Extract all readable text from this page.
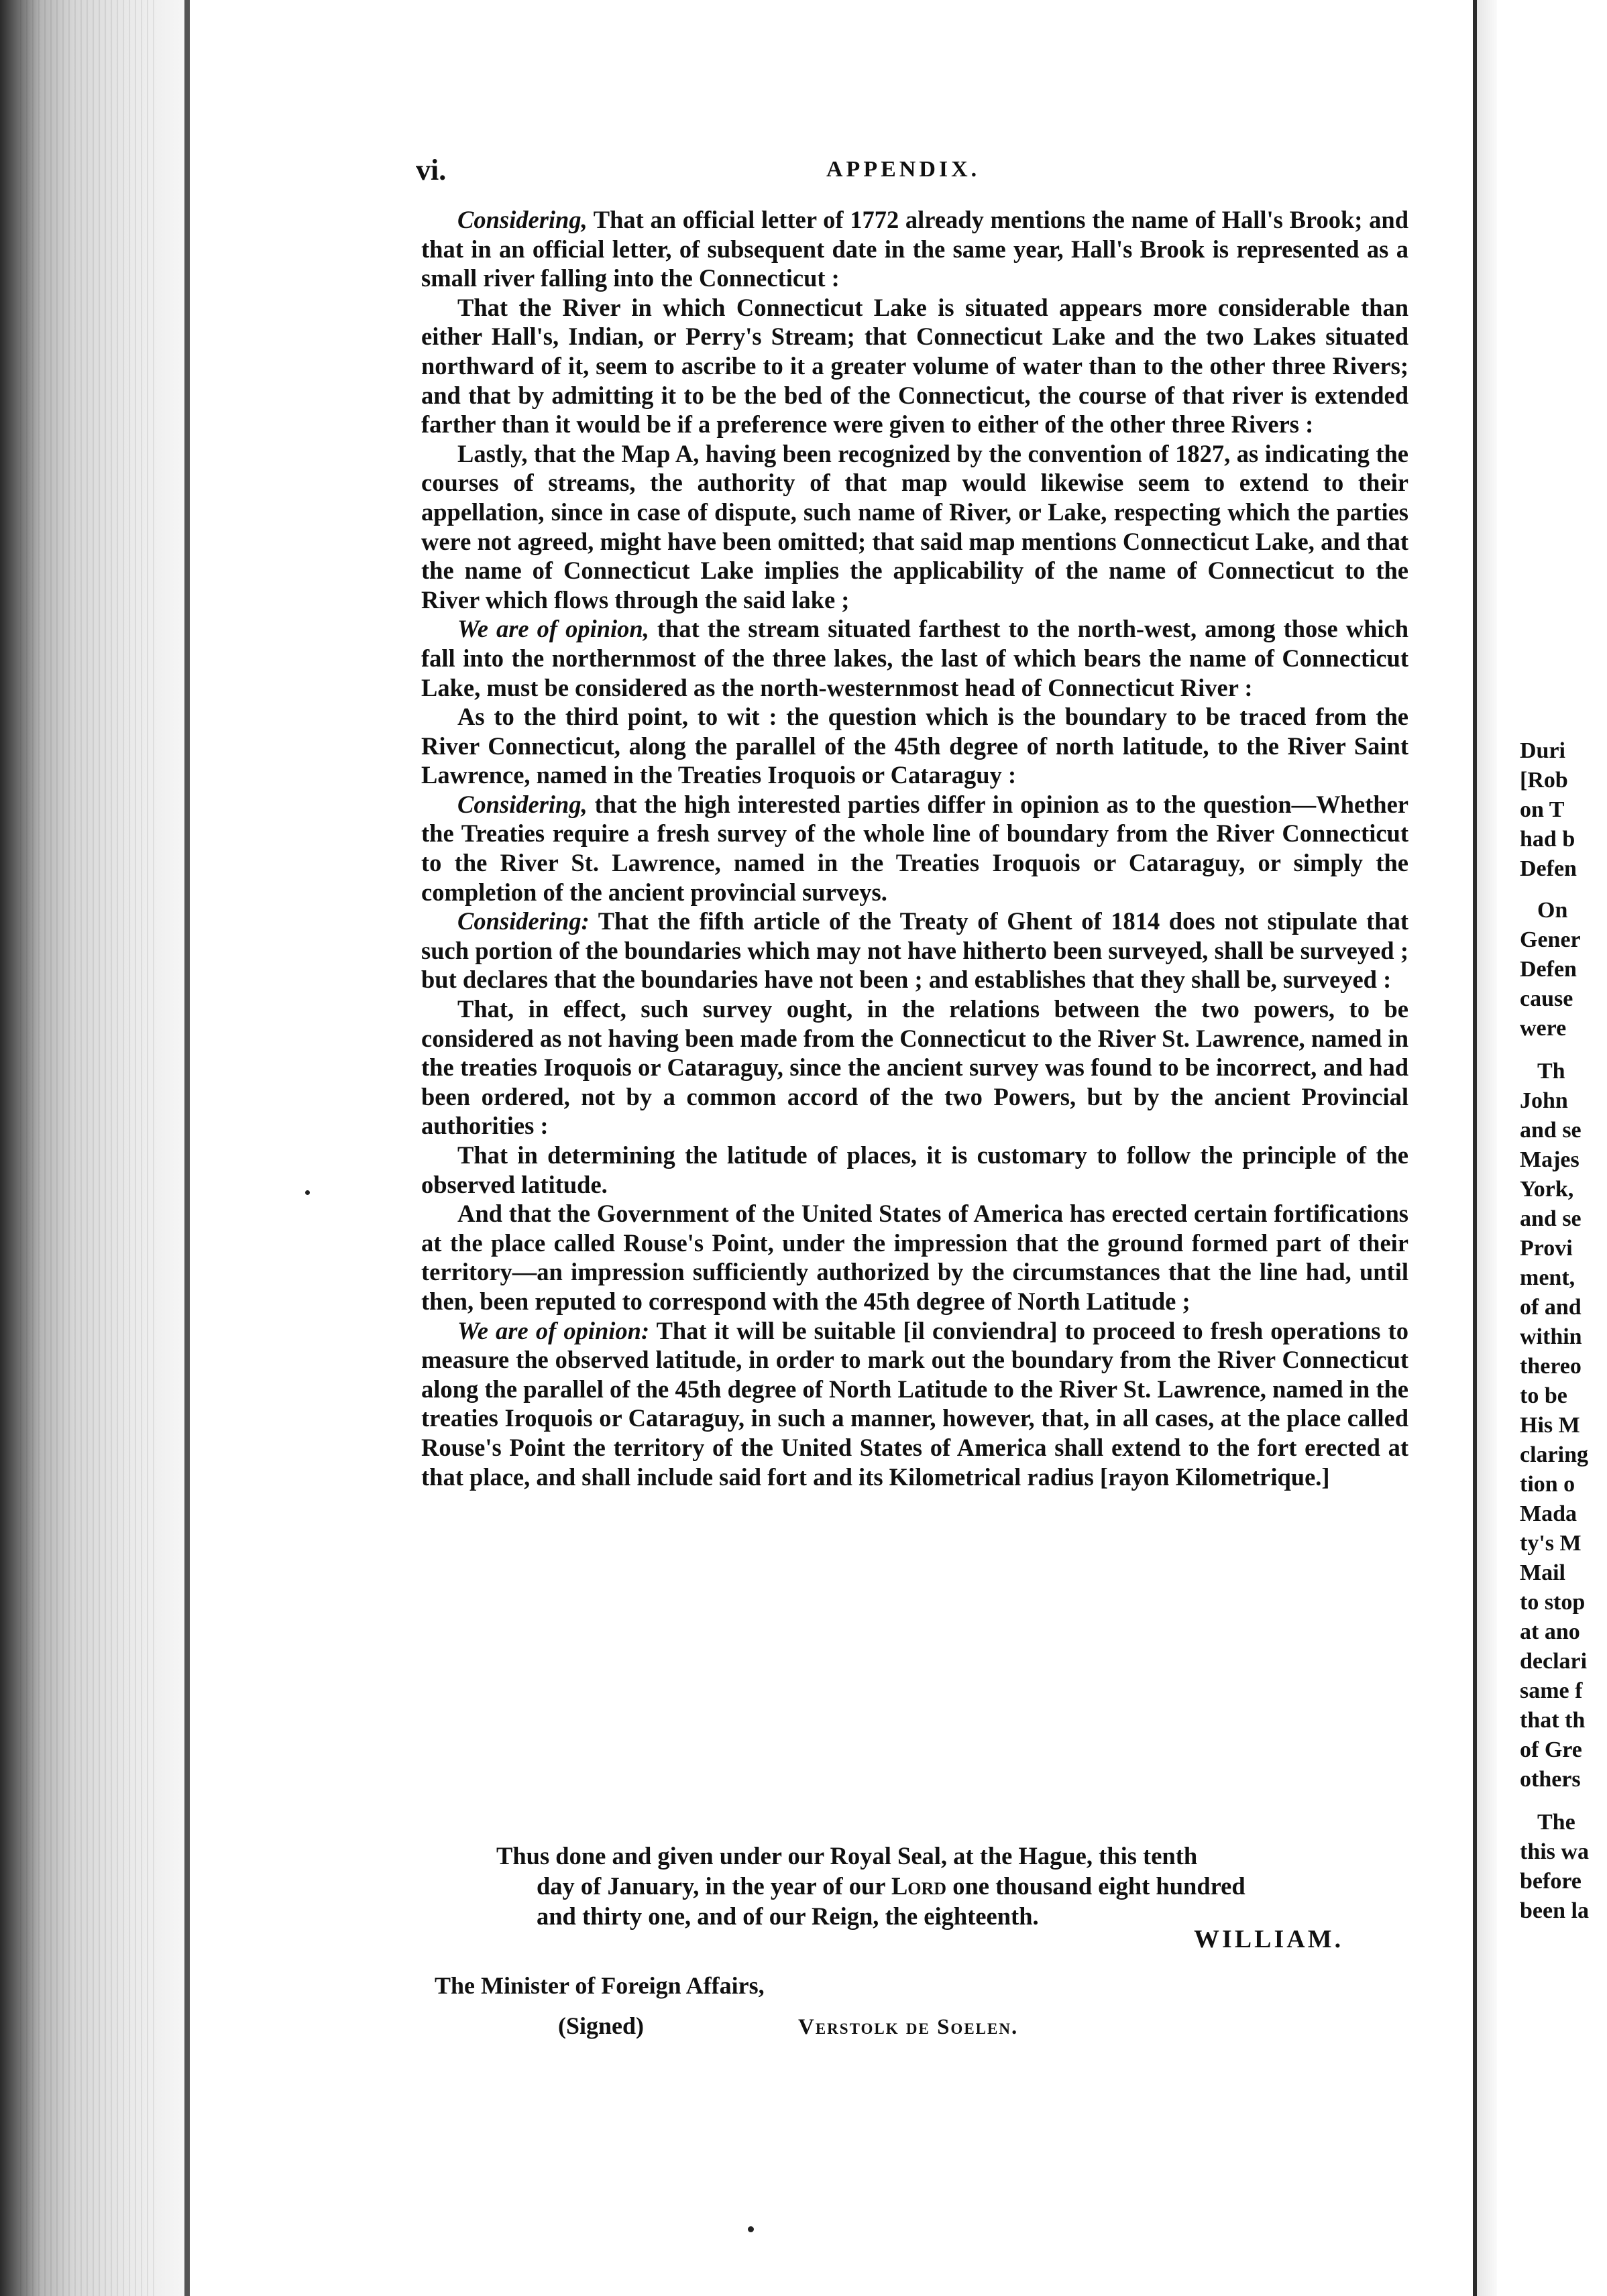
vi.	APPENDIX.

Considering, That an official letter of 1772 already mentions the name of Hall's Brook; and that in an official letter, of subsequent date in the same year, Hall's Brook is represented as a small river falling into the Connecticut :

That the River in which Connecticut Lake is situated appears more considerable than either Hall's, Indian, or Perry's Stream; that Connecticut Lake and the two Lakes situated northward of it, seem to ascribe to it a greater volume of water than to the other three Rivers; and that by admitting it to be the bed of the Connecticut, the course of that river is extended farther than it would be if a preference were given to either of the other three Rivers :

Lastly, that the Map A, having been recognized by the convention of 1827, as indicating the courses of streams, the authority of that map would likewise seem to extend to their appellation, since in case of dispute, such name of River, or Lake, respecting which the parties were not agreed, might have been omitted; that said map mentions Connecticut Lake, and that the name of Connecticut Lake implies the applicability of the name of Connecticut to the River which flows through the said lake ;

We are of opinion, that the stream situated farthest to the north-west, among those which fall into the northernmost of the three lakes, the last of which bears the name of Connecticut Lake, must be considered as the north-westernmost head of Connecticut River :

As to the third point, to wit : the question which is the boundary to be traced from the River Connecticut, along the parallel of the 45th degree of north latitude, to the River Saint Lawrence, named in the Treaties Iroquois or Cataraguy :

Considering, that the high interested parties differ in opinion as to the question—Whether the Treaties require a fresh survey of the whole line of boundary from the River Connecticut to the River St. Lawrence, named in the Treaties Iroquois or Cataraguy, or simply the completion of the ancient provincial surveys.

Considering: That the fifth article of the Treaty of Ghent of 1814 does not stipulate that such portion of the boundaries which may not have hitherto been surveyed, shall be surveyed ; but declares that the boundaries have not been ; and establishes that they shall be, surveyed :

That, in effect, such survey ought, in the relations between the two powers, to be considered as not having been made from the Connecticut to the River St. Lawrence, named in the treaties Iroquois or Cataraguy, since the ancient survey was found to be incorrect, and had been ordered, not by a common accord of the two Powers, but by the ancient Provincial authorities :

That in determining the latitude of places, it is customary to follow the principle of the observed latitude.

And that the Government of the United States of America has erected certain fortifications at the place called Rouse's Point, under the impression that the ground formed part of their territory—an impression sufficiently authorized by the circumstances that the line had, until then, been reputed to correspond with the 45th degree of North Latitude ;

We are of opinion: That it will be suitable [il conviendra] to proceed to fresh operations to measure the observed latitude, in order to mark out the boundary from the River Connecticut along the parallel of the 45th degree of North Latitude to the River St. Lawrence, named in the treaties Iroquois or Cataraguy, in such a manner, however, that, in all cases, at the place called Rouse's Point the territory of the United States of America shall extend to the fort erected at that place, and shall include said fort and its Kilometrical radius [rayon Kilometrique.]

Thus done and given under our Royal Seal, at the Hague, this tenth

day of January, in the year of our Lord one thousand eight hundred

and thirty one, and of our Reign, the eighteenth.

WILLIAM.
The Minister of Foreign Affairs,
(Signed)	Verstolk de Soelen.
Duri
[Rob
on T
had b
Defen
On
Gener
Defen
cause
were
Th
John
and se
Majes
York,
and se
Provi
ment,
of and
within
thereo
to be
His M
claring
tion o
Mada
ty's M
Mail
to stop
at ano
declari
same f
that th
of Gre
others
The
this wa
before
been la
